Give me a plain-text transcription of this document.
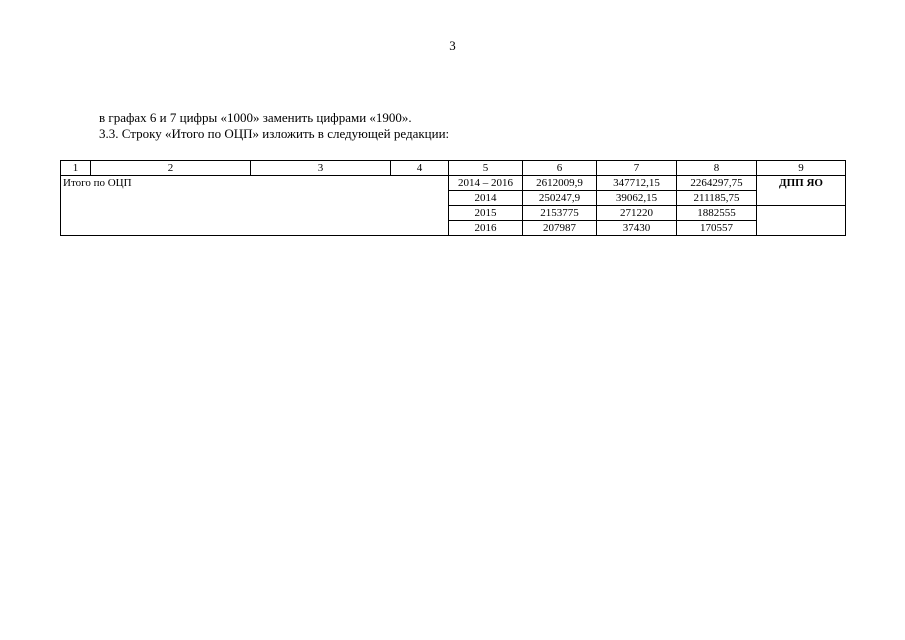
3
в графах 6 и 7 цифры «1000» заменить цифрами «1900».
3.3. Строку «Итого по ОЦП» изложить в следующей редакции:
1	2	3	4	5	6	7	8	9
Итого по ОЦП				2014 – 2016	2612009,9	347712,15	2264297,75	ДПП ЯО
				2014	250247,9	39062,15	211185,75	
				2015	2153775	271220	1882555	
				2016	207987	37430	170557	
